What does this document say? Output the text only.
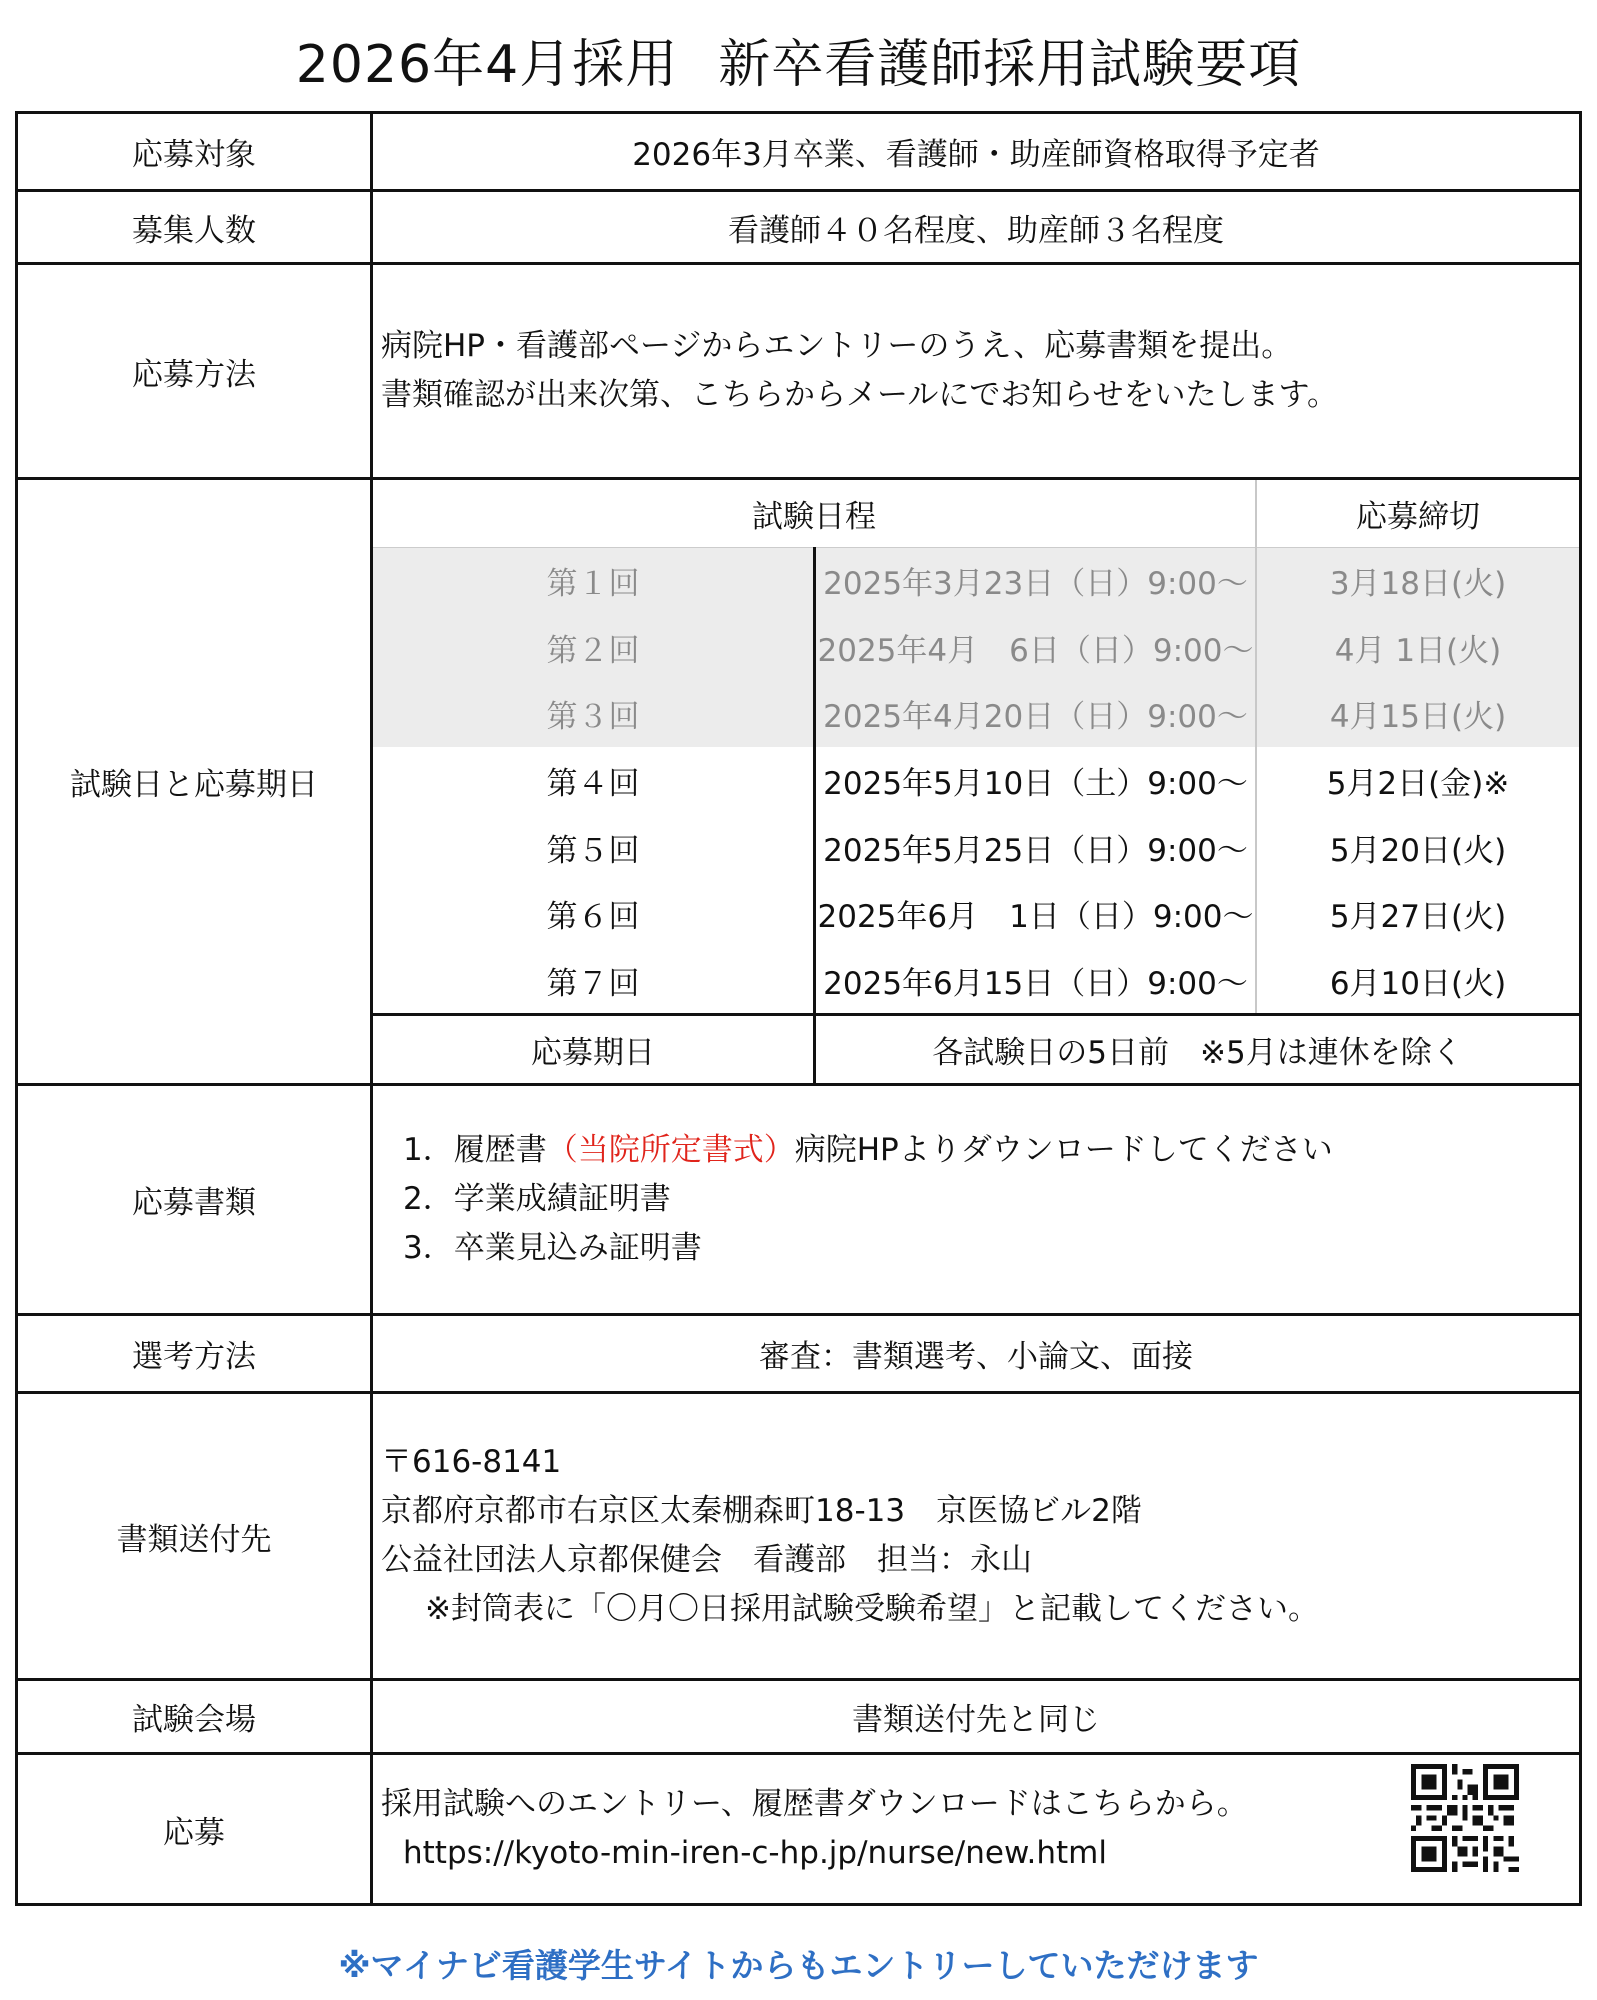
2026年4月採用 新卒看護師採用試験要項
応募対象	2026年3月卒業、看護師・助産師資格取得予定者
募集人数	看護師４０名程度、助産師３名程度
応募方法	
病院HP・看護部ページからエントリーのうえ、応募書類を提出。
書類確認が出来次第、こちらからメールにでお知らせをいたします。

試験日と応募期日	
試験日程	応募締切
第１回	2025年3月23日（日）9:00～	3月18日(火)
第２回	2025年4月　6日（日）9:00～	4月 1日(火)
第３回	2025年4月20日（日）9:00～	4月15日(火)
第４回	2025年5月10日（土）9:00～	5月2日(金)※
第５回	2025年5月25日（日）9:00～	5月20日(火)
第６回	2025年6月　1日（日）9:00～	5月27日(火)
第７回	2025年6月15日（日）9:00～	6月10日(火)
応募期日	各試験日の5日前　※5月は連休を除く

応募書類	
1．履歴書（当院所定書式）病院HPよりダウンロードしてください
2．学業成績証明書
3．卒業見込み証明書

選考方法	審査：書類選考、小論文、面接
書類送付先	
〒616-8141
京都府京都市右京区太秦棚森町18-13　京医協ビル2階
公益社団法人京都保健会　看護部　担当：永山
※封筒表に「〇月〇日採用試験受験希望」と記載してください。

試験会場	書類送付先と同じ
応募	
採用試験へのエントリー、履歴書ダウンロードはこちらから。
https://kyoto-min-iren-c-hp.jp/nurse/new.html
※マイナビ看護学生サイトからもエントリーしていただけます
